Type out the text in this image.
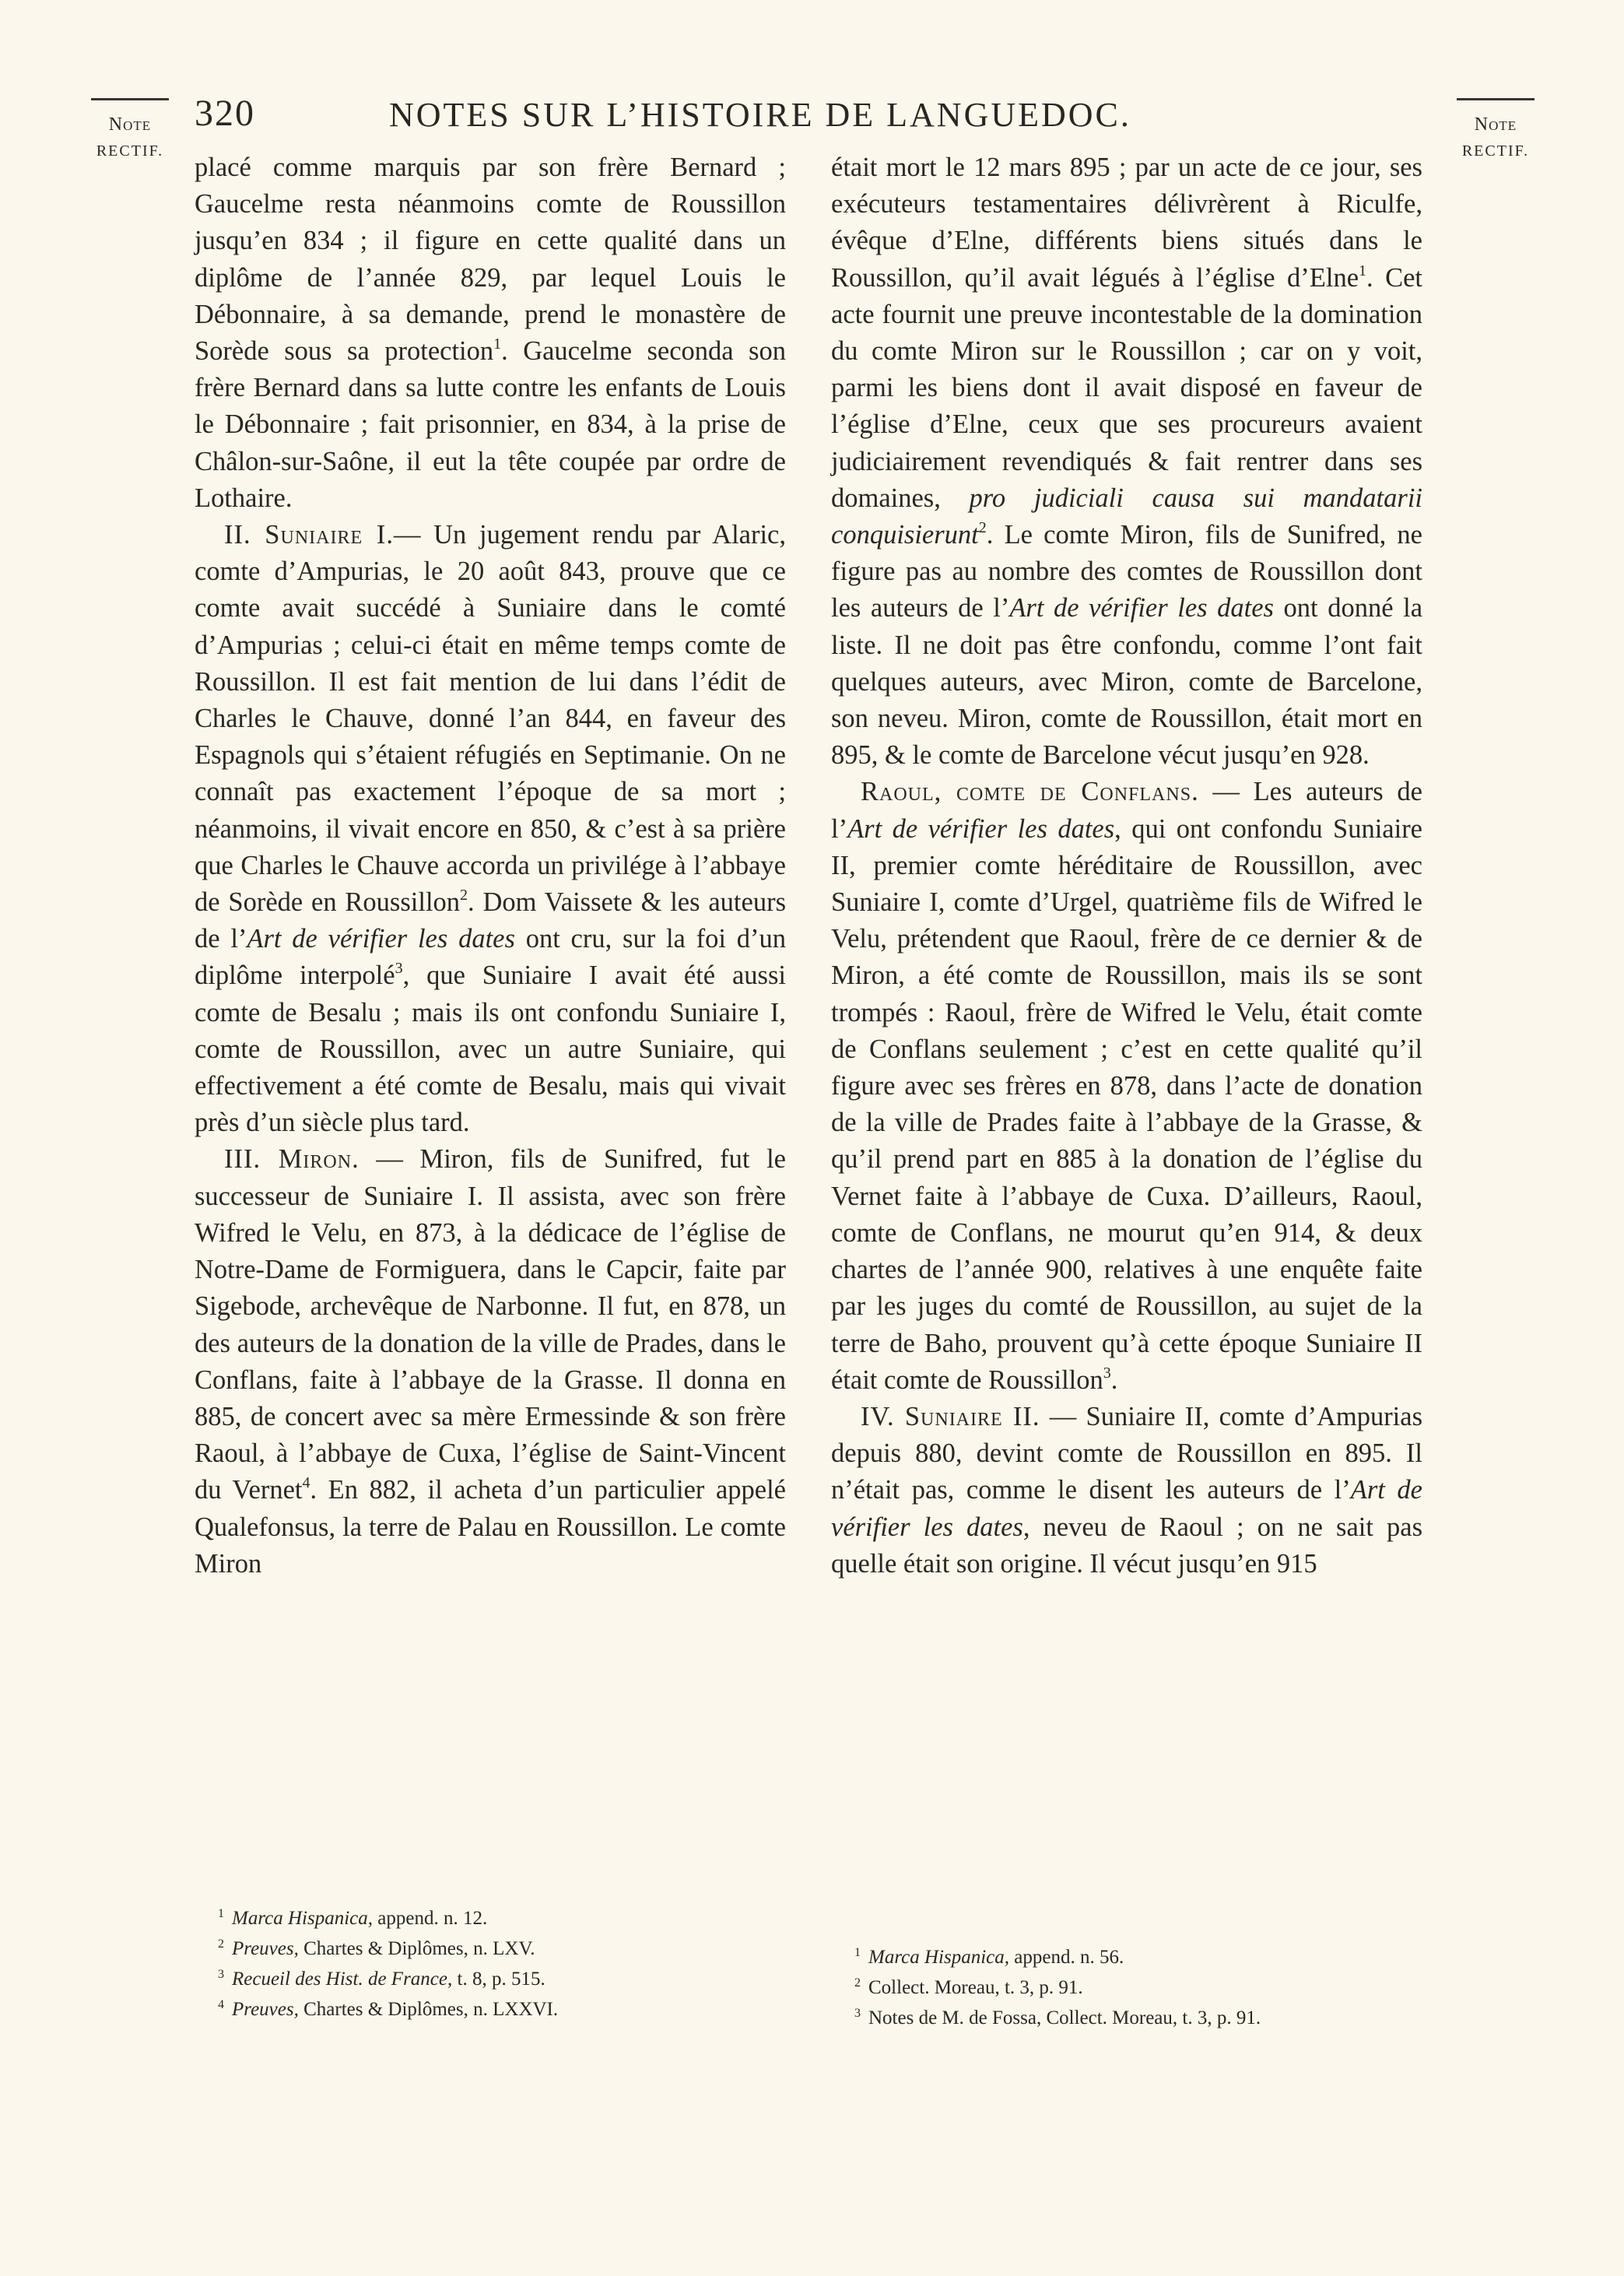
Note
RECTIF.
Note
RECTIF.
320	NOTES SUR L’HISTOIRE DE LANGUEDOC.

placé comme marquis par son frère Bernard ; Gaucelme resta néanmoins comte de Roussillon jusqu’en 834 ; il figure en cette qualité dans un diplôme de l’année 829, par lequel Louis le Débonnaire, à sa demande, prend le monastère de Sorède sous sa protection$^1$. Gaucelme seconda son frère Bernard dans sa lutte contre les enfants de Louis le Débonnaire ; fait prisonnier, en 834, à la prise de Châlon-sur-Saône, il eut la tête coupée par ordre de Lothaire.

II. Suniaire I.— Un jugement rendu par Alaric, comte d’Ampurias, le 20 août 843, prouve que ce comte avait succédé à Suniaire dans le comté d’Ampurias ; celui-ci était en même temps comte de Roussillon. Il est fait mention de lui dans l’édit de Charles le Chauve, donné l’an 844, en faveur des Espagnols qui s’étaient réfugiés en Septimanie. On ne connaît pas exactement l’époque de sa mort ; néanmoins, il vivait encore en 850, & c’est à sa prière que Charles le Chauve accorda un privilége à l’abbaye de Sorède en Roussillon$^2$. Dom Vaissete & les auteurs de l’Art de vérifier les dates ont cru, sur la foi d’un diplôme interpolé$^3$, que Suniaire I avait été aussi comte de Besalu ; mais ils ont confondu Suniaire I, comte de Roussillon, avec un autre Suniaire, qui effectivement a été comte de Besalu, mais qui vivait près d’un siècle plus tard.

III. Miron. — Miron, fils de Sunifred, fut le successeur de Suniaire I. Il assista, avec son frère Wifred le Velu, en 873, à la dédicace de l’église de Notre-Dame de Formiguera, dans le Capcir, faite par Sigebode, archevêque de Narbonne. Il fut, en 878, un des auteurs de la donation de la ville de Prades, dans le Conflans, faite à l’abbaye de la Grasse. Il donna en 885, de concert avec sa mère Ermessinde & son frère Raoul, à l’abbaye de Cuxa, l’église de Saint-Vincent du Vernet$^4$. En 882, il acheta d’un particulier appelé Qualefonsus, la terre de Palau en Roussillon. Le comte Miron

était mort le 12 mars 895 ; par un acte de ce jour, ses exécuteurs testamentaires délivrèrent à Riculfe, évêque d’Elne, différents biens situés dans le Roussillon, qu’il avait légués à l’église d’Elne$^1$. Cet acte fournit une preuve incontestable de la domination du comte Miron sur le Roussillon ; car on y voit, parmi les biens dont il avait disposé en faveur de l’église d’Elne, ceux que ses procureurs avaient judiciairement revendiqués & fait rentrer dans ses domaines, pro judiciali causa sui mandatarii conquisierunt$^2$. Le comte Miron, fils de Sunifred, ne figure pas au nombre des comtes de Roussillon dont les auteurs de l’Art de vérifier les dates ont donné la liste. Il ne doit pas être confondu, comme l’ont fait quelques auteurs, avec Miron, comte de Barcelone, son neveu. Miron, comte de Roussillon, était mort en 895, & le comte de Barcelone vécut jusqu’en 928.

Raoul, comte de Conflans. — Les auteurs de l’Art de vérifier les dates, qui ont confondu Suniaire II, premier comte héréditaire de Roussillon, avec Suniaire I, comte d’Urgel, quatrième fils de Wifred le Velu, prétendent que Raoul, frère de ce dernier & de Miron, a été comte de Roussillon, mais ils se sont trompés : Raoul, frère de Wifred le Velu, était comte de Conflans seulement ; c’est en cette qualité qu’il figure avec ses frères en 878, dans l’acte de donation de la ville de Prades faite à l’abbaye de la Grasse, & qu’il prend part en 885 à la donation de l’église du Vernet faite à l’abbaye de Cuxa. D’ailleurs, Raoul, comte de Conflans, ne mourut qu’en 914, & deux chartes de l’année 900, relatives à une enquête faite par les juges du comté de Roussillon, au sujet de la terre de Baho, prouvent qu’à cette époque Suniaire II était comte de Roussillon$^3$.

IV. Suniaire II. — Suniaire II, comte d’Ampurias depuis 880, devint comte de Roussillon en 895. Il n’était pas, comme le disent les auteurs de l’Art de vérifier les dates, neveu de Raoul ; on ne sait pas quelle était son origine. Il vécut jusqu’en 915

$^1$ Marca Hispanica, append. n. 12.

$^2$ Preuves, Chartes & Diplômes, n. LXV.

$^3$ Recueil des Hist. de France, t. 8, p. 515.

$^4$ Preuves, Chartes & Diplômes, n. LXXVI.

$^1$ Marca Hispanica, append. n. 56.

$^2$ Collect. Moreau, t. 3, p. 91.

$^3$ Notes de M. de Fossa, Collect. Moreau, t. 3, p. 91.
